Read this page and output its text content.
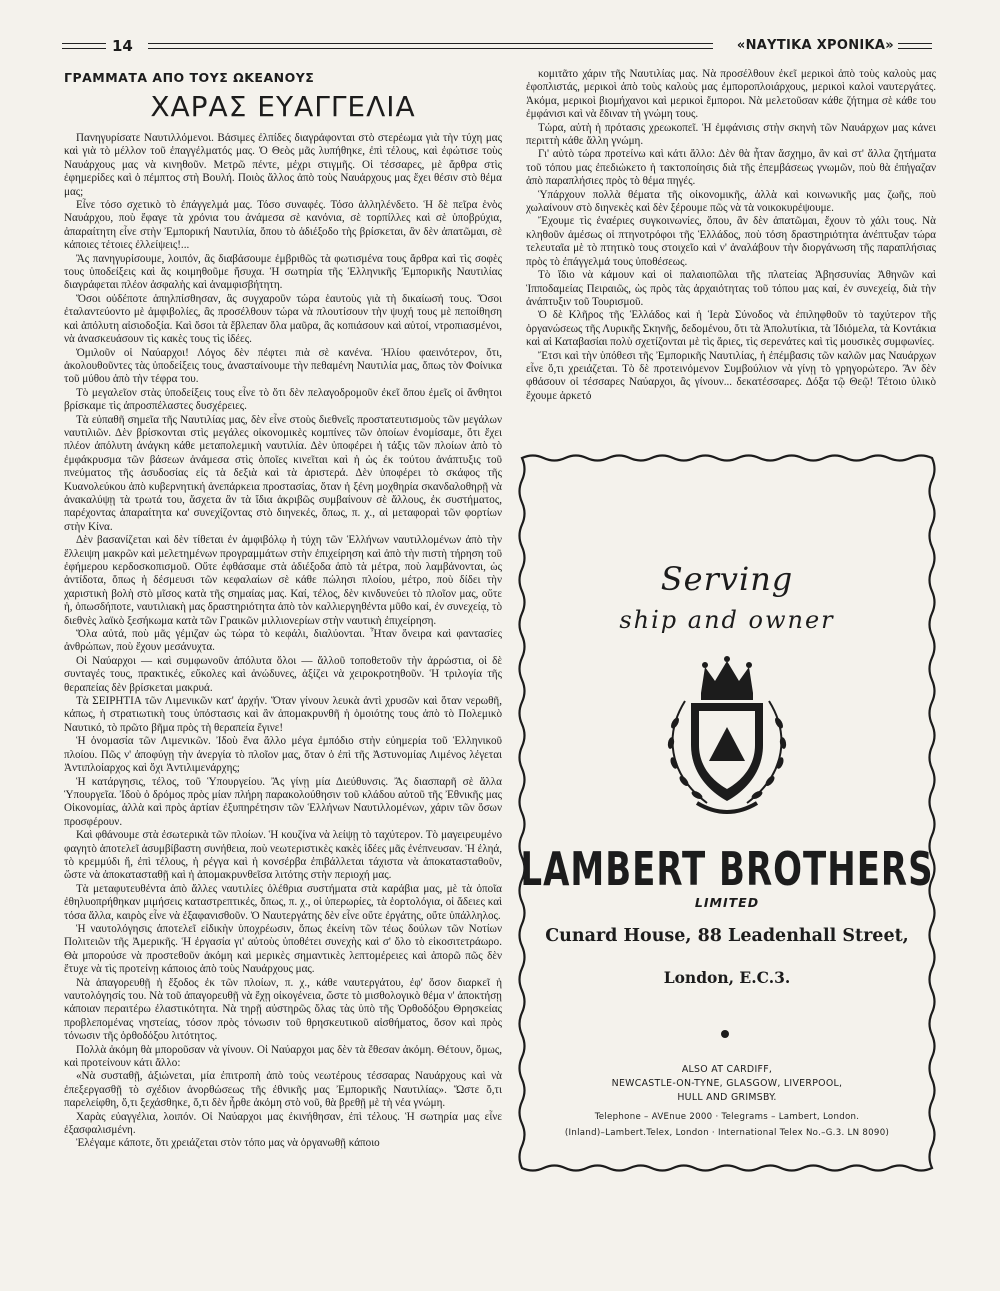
14	«ΝΑΥΤΙΚΑ ΧΡΟΝΙΚΑ»
ΓΡΑΜΜΑΤΑ ΑΠΟ ΤΟΥΣ ΩΚΕΑΝΟΥΣ
ΧΑΡΑΣ ΕΥΑΓΓΕΛΙΑ

Πανηγυρίσατε Ναυτιλλόμενοι. Βάσιμες ἐλπίδες διαγράφονται στὸ στερέωμα γιὰ τὴν τύχη μας καὶ γιὰ τὸ μέλλον τοῦ ἐπαγγέλματός μας. Ὁ Θεὸς μᾶς λυπήθηκε, ἐπὶ τέλους, καὶ ἐφώτισε τοὺς Ναυάρχους μας νὰ κινηθοῦν. Μετρῶ πέντε, μέχρι στιγμῆς. Οἱ τέσσαρες, μὲ ἄρθρα στὶς ἐφημερίδες καὶ ὁ πέμπτος στὴ Βουλή. Ποιὸς ἄλλος ἀπὸ τοὺς Ναυάρχους μας ἔχει θέσιν στὸ θέμα μας;

Εἶνε τόσο σχετικὸ τὸ ἐπάγγελμά μας. Τόσο συναφές. Τόσο ἀλληλένδετο. Ἡ δὲ πεῖρα ἑνὸς Ναυάρχου, ποὺ ἔφαγε τὰ χρόνια του ἀνάμεσα σὲ κανόνια, σὲ τορπίλλες καὶ σὲ ὑποβρύχια, ἀπαραίτητη εἶνε στὴν Ἐμπορική Ναυτιλία, ὅπου τὸ ἀδιέξοδο τὴς βρίσκεται, ἂν δὲν ἀπατῶμαι, σὲ κάποιες τέτοιες ἐλλείψεις!...

Ἂς πανηγυρίσουμε, λοιπόν, ἂς διαβάσουμε ἐμβριθῶς τὰ φωτισμένα τους ἄρθρα καὶ τὶς σοφὲς τους ὑποδείξεις καὶ ἂς κοιμηθοῦμε ἥσυχα. Ἡ σωτηρία τῆς Ἑλληνικῆς Ἐμπορικῆς Ναυτιλίας διαγράφεται πλέον ἀσφαλὴς καὶ ἀναμφισβήτητη.

Ὅσοι οὐδέποτε ἀπηλπίσθησαν, ἂς συγχαροῦν τώρα ἑαυτοὺς γιὰ τὴ δικαίωσή τους. Ὅσοι ἐταλαντεύοντο μὲ ἀμφιβολίες, ἂς προσέλθουν τώρα νὰ πλουτίσουν τὴν ψυχή τους μὲ πεποίθηση καὶ ἀπόλυτη αἰσιοδοξία. Καὶ ὅσοι τὰ ἔβλεπαν ὅλα μαῦρα, ἂς κοπιάσουν καὶ αὐτοί, ντροπιασμένοι, νὰ ἀνασκευάσουν τὶς κακὲς τους τὶς ἰδέες.

Ὁμιλοῦν οἱ Ναύαρχοι! Λόγος δὲν πέφτει πιὰ σὲ κανένα. Ἡλίου φαεινότερον, ὅτι, ἀκολουθοῦντες τὰς ὑποδείξεις τους, ἀνασταίνουμε τὴν πεθαμένη Ναυτιλία μας, ὅπως τὸν Φοίνικα τοῦ μύθου ἀπὸ τὴν τέφρα του.

Τὸ μεγαλεῖον στὰς ὑποδείξεις τους εἶνε τὸ ὅτι δὲν πελαγοδρομοῦν ἐκεῖ ὅπου ἐμεῖς οἱ ἄνθητοι βρίσκαμε τὶς ἀπροσπέλαστες δυσχέρειες.

Τὰ εὐπαθῆ σημεῖα τῆς Ναυτιλίας μας, δὲν εἶνε στοὺς διεθνεῖς προστατευτισμοὺς τῶν μεγάλων ναυτιλιῶν. Δὲν βρίσκονται στὶς μεγάλες οἰκονομικὲς κομπίνες τῶν ὁποίων ἐνομίσαμε, ὅτι ἔχει πλέον ἀπόλυτη ἀνάγκη κάθε μεταπολεμικὴ ναυτιλία. Δὲν ὑποφέρει ἡ τάξις τῶν πλοίων ἀπὸ τὸ ἐμφάκρυσμα τῶν βάσεων ἀνάμεσα στὶς ὁποῖες κινεῖται καὶ ἡ ὡς ἐκ τούτου ἀνάπτυξις τοῦ πνεύματος τῆς ἀσυδοσίας εἰς τὰ δεξιὰ καὶ τὰ ἀριστερά. Δὲν ὑποφέρει τὸ σκάφος τῆς Κυανολεύκου ἀπὸ κυβερνητική ἀνεπάρκεια προστασίας, ὅταν ἡ ξένη μοχθηρία σκανδαλοθηρῇ νὰ ἀνακαλύψῃ τὰ τρωτά του, ἄσχετα ἂν τὰ ἴδια ἀκριβῶς συμβαίνουν σὲ ἄλλους, ἐκ συστήματος, παρέχοντας ἀπαραίτητα κα' συνεχίζοντας στὸ διηνεκές, ὅπως, π. χ., αἱ μεταφοραὶ τῶν φορτίων στὴν Κίνα.

Δὲν βασανίζεται καὶ δὲν τίθεται ἐν ἀμφιβόλῳ ἡ τύχη τῶν Ἑλλήνων ναυτιλλομένων ἀπὸ τὴν ἔλλειψη μακρῶν καὶ μελετημένων προγραμμάτων στὴν ἐπιχείρηση καὶ ἀπὸ τὴν πιστὴ τήρηση τοῦ ἐφήμερου κερδοσκοπισμοῦ. Οὔτε ἐφθάσαμε στὰ ἀδιέξοδα ἀπὸ τὰ μέτρα, ποὺ λαμβάνονται, ὡς ἀντίδοτα, ὅπως ἡ δέσμευσι τῶν κεφαλαίων σὲ κάθε πώλησι πλοίου, μέτρο, ποὺ δίδει τὴν χαριστικὴ βολὴ στὸ μῖσος κατὰ τῆς σημαίας μας. Καί, τέλος, δὲν κινδυνεύει τὸ πλοῖον μας, οὔτε ἡ, ὁπωσδήποτε, ναυτιλιακὴ μας δραστηριότητα ἀπὸ τὸν καλλιεργηθέντα μῦθο καί, ἐν συνεχείᾳ, τὸ διεθνὲς λαϊκὸ ξεσήκωμα κατὰ τῶν Γραικῶν μιλλιονερίων στὴν ναυτικὴ ἐπιχείρηση.

Ὅλα αὐτά, ποὺ μᾶς γέμιζαν ὡς τώρα τὸ κεφάλι, διαλύονται. Ἦταν ὄνειρα καὶ φαντασίες ἀνθρώπων, ποὺ ἔχουν μεσάνυχτα.

Οἱ Ναύαρχοι — καὶ συμφωνοῦν ἀπόλυτα ὅλοι — ἄλλοῦ τοποθετοῦν τὴν ἀρρώστια, οἱ δὲ συνταγές τους, πρακτικές, εὔκολες καὶ ἀνώδυνες, ἀξίζει νὰ χειροκροτηθοῦν. Ἡ τριλογία τῆς θεραπείας δὲν βρίσκεται μακρυά.

Τὰ ΣΕΙΡΗΤΙΑ τῶν Λιμενικῶν κατ' ἀρχήν. Ὅταν γίνουν λευκὰ ἀντὶ χρυσῶν καὶ ὅταν νερωθῆ, κάπως, ἡ στρατιωτικὴ τους ὑπόστασις καὶ ἂν ἀπομακρυνθῆ ἡ ὁμοιότης τους ἀπὸ τὸ Πολεμικὸ Ναυτικό, τὸ πρῶτο βῆμα πρὸς τὴ θεραπεία ἔγινε!

Ἡ ὀνομασία τῶν Λιμενικῶν. Ἰδοὺ ἕνα ἄλλο μέγα ἐμπόδιο στὴν εὐημερία τοῦ Ἑλληνικοῦ πλοίου. Πῶς ν' ἀποφύγῃ τὴν ἀνεργία τὸ πλοῖον μας, ὅταν ὁ ἐπὶ τῆς Ἀστυνομίας Λιμένος λέγεται Ἀντιπλοίαρχος καὶ ὄχι Ἀντιλιμενάρχης;

Ἡ κατάργησις, τέλος, τοῦ Ὑπουργείου. Ἂς γίνῃ μία Διεύθυνσις. Ἂς διασπαρῆ σὲ ἄλλα Ὑπουργεῖα. Ἰδοὺ ὁ δρόμος πρὸς μίαν πλήρη παρακολούθησιν τοῦ κλάδου αὐτοῦ τῆς Ἐθνικῆς μας Οἰκονομίας, ἀλλὰ καὶ πρὸς ἀρτίαν ἐξυπηρέτησιν τῶν Ἑλλήνων Ναυτιλλομένων, χάριν τῶν ὅσων προσφέρουν.

Καὶ φθάνουμε στὰ ἐσωτερικὰ τῶν πλοίων. Ἡ κουζίνα νὰ λείψῃ τὸ ταχύτερον. Τὸ μαγειρευμένο φαγητὸ ἀποτελεῖ ἀσυμβίβαστη συνήθεια, ποὺ νεωτεριστικὲς κακὲς ἰδέες μᾶς ἐνέπνευσαν. Ἡ ἐληά, τὸ κρεμμύδι ἤ, ἐπὶ τέλους, ἡ ρέγγα καὶ ἡ κονσέρβα ἐπιβάλλεται τάχιστα νὰ ἀποκατασταθοῦν, ὥστε νὰ ἀποκατασταθῇ καὶ ἡ ἀπομακρυνθεῖσα λιτότης στὴν περιοχή μας.

Τὰ μεταφυτευθέντα ἀπὸ ἄλλες ναυτιλίες ὀλέθρια συστήματα στὰ καράβια μας, μὲ τὰ ὁποῖα ἐθηλυοπρήθηκαν μιμήσεις καταστρεπτικές, ὅπως, π. χ., οἱ ὑπερωρίες, τὰ ἑορτολόγια, οἱ ἄδειες καὶ τόσα ἄλλα, καιρὸς εἶνε νὰ ἐξαφανισθοῦν. Ὁ Ναυτεργάτης δὲν εἶνε οὔτε ἐργάτης, οὔτε ὑπάλληλος.

Ἡ ναυτολόγησις ἀποτελεῖ εἰδικὴν ὑποχρέωσιν, ὅπως ἐκείνη τῶν τέως δούλων τῶν Νοτίων Πολιτειῶν τῆς Ἀμερικῆς. Ἡ ἐργασία γι' αὐτοὺς ὑποθέτει συνεχὴς καὶ σ' ὅλο τὸ εἰκοσιτετράωρο. Θὰ μπορούσε νὰ προστεθοῦν ἀκόμη καὶ μερικὲς σημαντικὲς λεπτομέρειες καὶ ἀπορῶ πῶς δὲν ἔτυχε νὰ τὶς προτείνῃ κάποιος ἀπὸ τοὺς Ναυάρχους μας.

Νὰ ἀπαγορευθῇ ἡ ἔξοδος ἐκ τῶν πλοίων, π. χ., κάθε ναυτεργάτου, ἐφ' ὅσον διαρκεῖ ἡ ναυτολόγησίς του. Νὰ τοῦ ἀπαγορευθῇ νὰ ἔχῃ οἰκογένεια, ὥστε τὸ μισθολογικὸ θέμα ν' ἀποκτήσῃ κάποιαν περαιτέρω ἐλαστικότητα. Νὰ τηρῇ αὐστηρῶς ὅλας τὰς ὑπὸ τῆς Ὀρθοδόξου Θρησκείας προβλεπομένας νηστείας, τόσον πρὸς τόνωσιν τοῦ θρησκευτικοῦ αἰσθήματος, ὅσον καὶ πρὸς τόνωσιν τῆς ὀρθοδόξου λιτότητος.

Πολλὰ ἀκόμη θὰ μποροῦσαν νὰ γίνουν. Οἱ Ναύαρχοι μας δὲν τὰ ἔθεσαν ἀκόμη. Θέτουν, ὅμως, καὶ προτείνουν κάτι ἄλλο:

«Νὰ συσταθῇ, ἀξιώνεται, μία ἐπιτροπὴ ἀπὸ τοὺς νεωτέρους τέσσαρας Ναυάρχους καὶ νὰ ἐπεξεργασθῇ τὸ σχέδιον ἀνορθώσεως τῆς ἐθνικῆς μας Ἐμπορικῆς Ναυτιλίας». Ὥστε ὅ,τι παρελείφθη, ὅ,τι ξεχάσθηκε, ὅ,τι δὲν ἦρθε ἀκόμη στὸ νοῦ, θὰ βρεθῇ μὲ τὴ νέα γνώμη.

Χαρὰς εὐαγγέλια, λοιπόν. Οἱ Ναύαρχοι μας ἐκινήθησαν, ἐπὶ τέλους. Ἡ σωτηρία μας εἶνε ἐξασφαλισμένη.

Ἐλέγαμε κάποτε, ὅτι χρειάζεται στὸν τόπο μας νὰ ὀργανωθῇ κάποιο

κομιτᾶτο χάριν τῆς Ναυτιλίας μας. Νὰ προσέλθουν ἐκεῖ μερικοὶ ἀπὸ τοὺς καλοὺς μας ἐφοπλιστάς, μερικοὶ ἀπὸ τοὺς καλοὺς μας ἐμποροπλοιάρχους, μερικοὶ καλοὶ ναυτεργάτες. Ἀκόμα, μερικοὶ βιομήχανοι καὶ μερικοὶ ἔμποροι. Νὰ μελετοῦσαν κάθε ζήτημα σὲ κάθε του ἐμφάνισι καὶ νὰ ἔδιναν τὴ γνώμη τους.

Τώρα, αὐτὴ ἡ πρότασις χρεωκοπεῖ. Ἡ ἐμφάνισις στὴν σκηνὴ τῶν Ναυάρχων μας κάνει περιττὴ κάθε ἄλλη γνώμη.

Γι' αὐτὸ τώρα προτείνω καὶ κάτι ἄλλο: Δὲν θὰ ἦταν ἄσχημο, ἂν καὶ στ' ἄλλα ζητήματα τοῦ τόπου μας ἐπεδιώκετο ἡ τακτοποίησις διὰ τῆς ἐπεμβάσεως γνωμῶν, ποὺ θὰ ἐπήγαζαν ἀπὸ παραπλήσιες πρὸς τὸ θέμα πηγές.

Ὑπάρχουν πολλὰ θέματα τῆς οἰκονομικῆς, ἀλλὰ καὶ κοινωνικῆς μας ζωῆς, ποὺ χωλαίνουν στὸ διηνεκὲς καὶ δὲν ξέρουμε πῶς νὰ τὰ νοικοκυρέψουμε.

Ἔχουμε τὶς ἐναέριες συγκοινωνίες, ὅπου, ἂν δὲν ἀπατῶμαι, ἔχουν τὸ χάλι τους. Νὰ κληθοῦν ἀμέσως οἱ πτηνοτρόφοι τῆς Ἑλλάδος, ποὺ τόση δραστηριότητα ἀνέπτυξαν τώρα τελευταῖα μὲ τὸ πτητικὸ τους στοιχεῖο καὶ ν' ἀναλάβουν τὴν διοργάνωση τῆς παραπλήσιας πρὸς τὸ ἐπάγγελμά τους ὑποθέσεως.

Τὸ ἴδιο νὰ κάμουν καὶ οἱ παλαιοπῶλαι τῆς πλατείας Ἀβησσυνίας Ἀθηνῶν καὶ Ἱπποδαμείας Πειραιῶς, ὡς πρὸς τὰς ἀρχαιότητας τοῦ τόπου μας καί, ἐν συνεχείᾳ, διὰ τὴν ἀνάπτυξιν τοῦ Τουρισμοῦ.

Ὁ δὲ Κλῆρος τῆς Ἑλλάδος καὶ ἡ Ἱερὰ Σύνοδος νὰ ἐπιληφθοῦν τὸ ταχύτερον τῆς ὀργανώσεως τῆς Λυρικῆς Σκηνῆς, δεδομένου, ὅτι τὰ Ἀπολυτίκια, τὰ Ἰδιόμελα, τὰ Κοντάκια καὶ αἱ Καταβασίαι πολὺ σχετίζονται μὲ τὶς ἄριες, τὶς σερενάτες καὶ τὶς μουσικὲς συμφωνίες.

Ἔτσι καὶ τὴν ὑπόθεσι τῆς Ἐμπορικῆς Ναυτιλίας, ἡ ἐπέμβασις τῶν καλῶν μας Ναυάρχων εἶνε ὅ,τι χρειάζεται. Τὸ δὲ προτεινόμενον Συμβούλιον νὰ γίνῃ τὸ γρηγορώτερο. Ἂν δὲν φθάσουν οἱ τέσσαρες Ναύαρχοι, ἂς γίνουν... δεκατέσσαρες. Δόξα τῷ Θεῷ! Τέτοιο ὑλικὸ ἔχουμε ἀρκετό

Serving
ship and owner
LAMBERT BROTHERS
LIMITED
Cunard House, 88 Leadenhall Street,
London, E.C.3.
ALSO AT CARDIFF,
NEWCASTLE-ON-TYNE, GLASGOW, LIVERPOOL,
HULL AND GRIMSBY.
Telephone – AVEnue 2000 · Telegrams – Lambert, London.
(Inland)–Lambert.Telex, London · International Telex No.–G.3. LN 8090)
